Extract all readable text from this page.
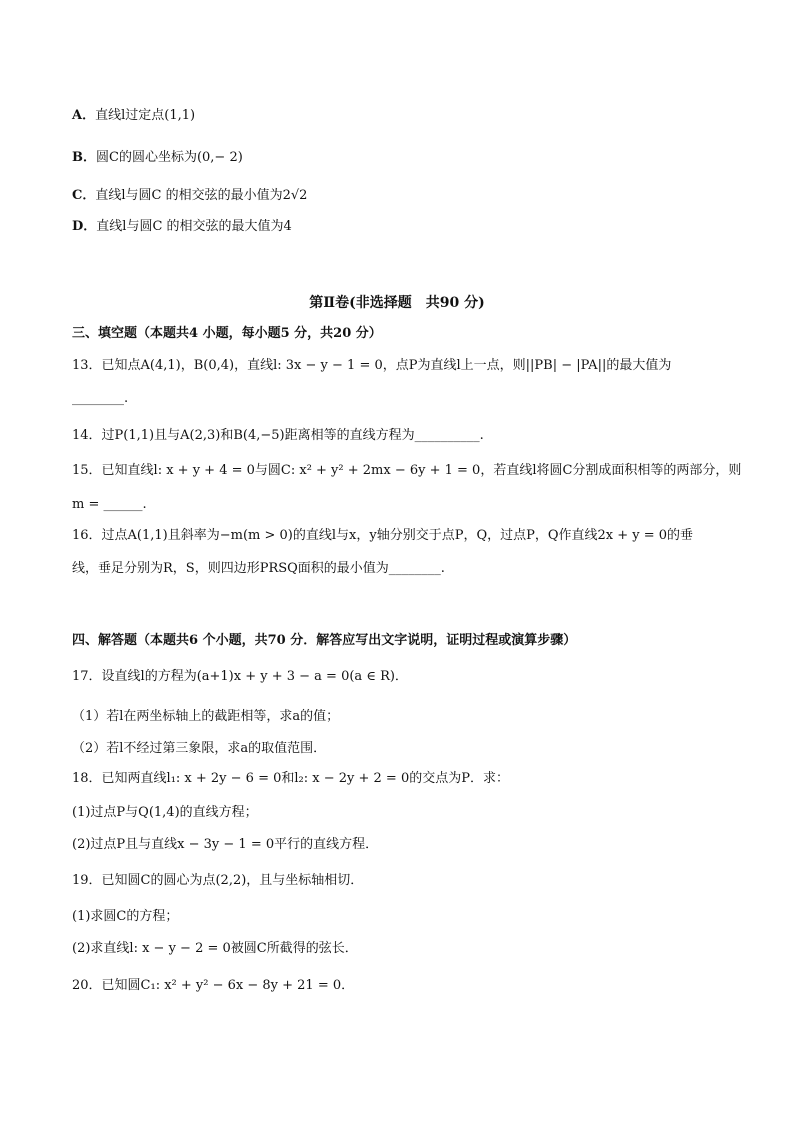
A．直线l过定点(1,1)
B．圆C的圆心坐标为(0,− 2)
C．直线l与圆C 的相交弦的最小值为2√2
D．直线l与圆C 的相交弦的最大值为4
第Ⅱ卷(非选择题　共90 分)
三、填空题（本题共4 小题，每小题5 分，共20 分）
13．已知点A(4,1)，B(0,4)，直线l: 3x − y − 1 = 0，点P为直线l上一点，则||PB| − |PA||的最大值为
________.
14．过P(1,1)且与A(2,3)和B(4,−5)距离相等的直线方程为__________.
15．已知直线l: x + y + 4 = 0与圆C: x² + y² + 2mx − 6y + 1 = 0，若直线l将圆C分割成面积相等的两部分，则
m = ______.
16．过点A(1,1)且斜率为−m(m > 0)的直线l与x，y轴分别交于点P，Q，过点P，Q作直线2x + y = 0的垂
线，垂足分别为R，S，则四边形PRSQ面积的最小值为________.
四、解答题（本题共6 个小题，共70 分．解答应写出文字说明，证明过程或演算步骤）
17．设直线l的方程为(a+1)x + y + 3 − a = 0(a ∈ R)．
（1）若l在两坐标轴上的截距相等，求a的值；
（2）若l不经过第三象限，求a的取值范围．
18．已知两直线l₁: x + 2y − 6 = 0和l₂: x − 2y + 2 = 0的交点为P．求：
(1)过点P与Q(1,4)的直线方程；
(2)过点P且与直线x − 3y − 1 = 0平行的直线方程．
19．已知圆C的圆心为点(2,2)，且与坐标轴相切．
(1)求圆C的方程；
(2)求直线l: x − y − 2 = 0被圆C所截得的弦长．
20．已知圆C₁: x² + y² − 6x − 8y + 21 = 0．
